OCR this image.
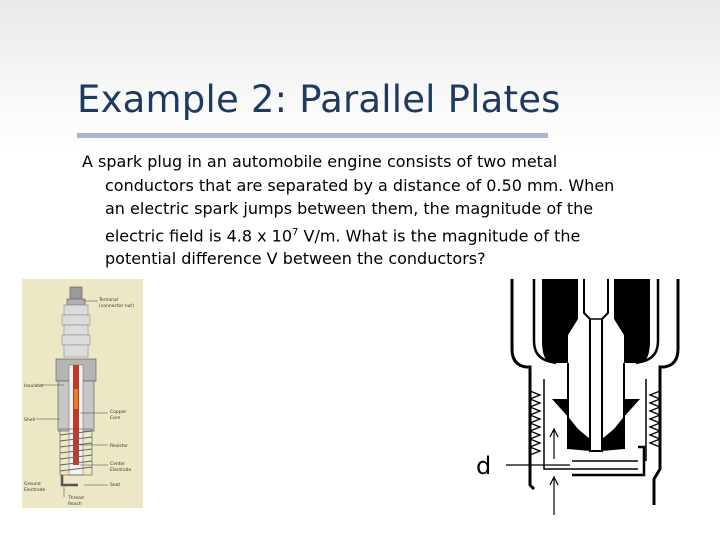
Example 2: Parallel Plates
A spark plug in an automobile engine consists of two metal
conductors that are separated by a distance of 0.50 mm. When
an electric spark jumps between them, the magnitude of the
electric field is 4.8 x $10^7$ V/m. What is the magnitude of the
potential difference V between the conductors?
Terminal
(connector nut)
Insulator
Shell
Copper
Core
Resistor
Center
Electrode
Seat
Ground
Electrode
Thread
Reach
d
